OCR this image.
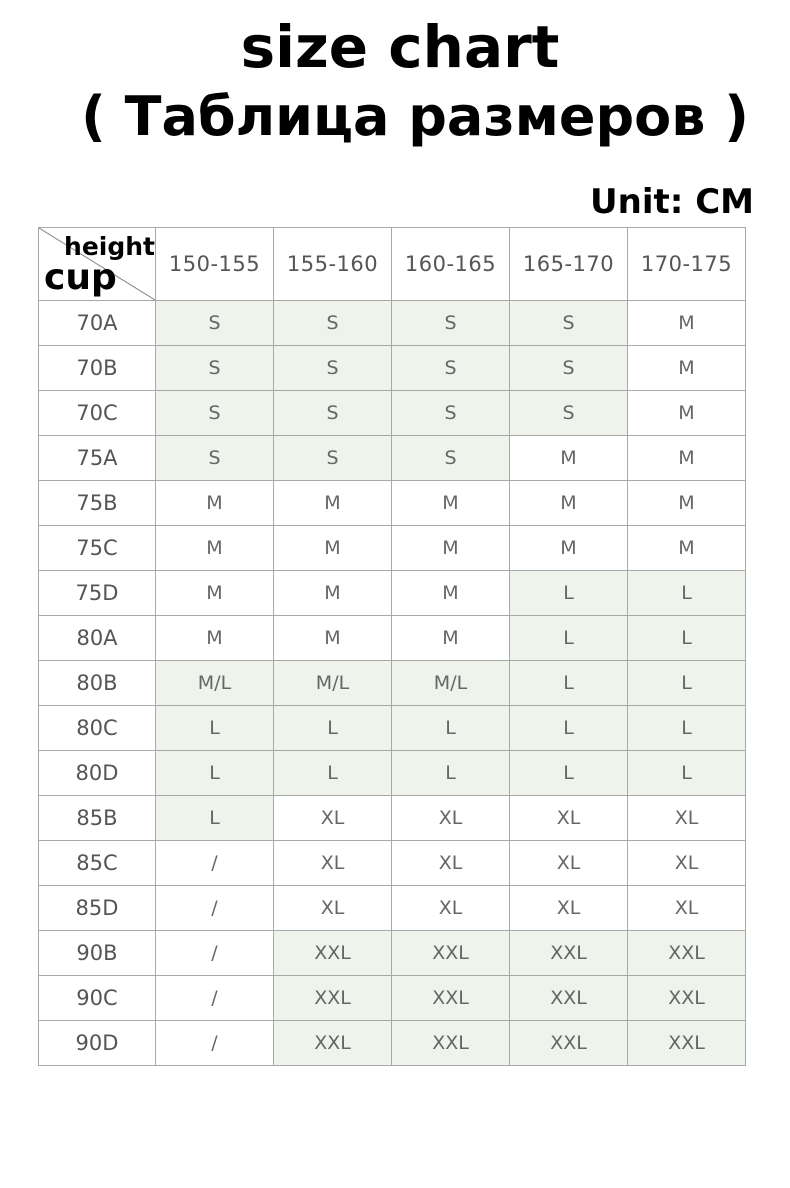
size chart
( Таблица размеров )
Unit: CM
height
cup	150-155	155-160	160-165	165-170	170-175
70A	S	S	S	S	M
70B	S	S	S	S	M
70C	S	S	S	S	M
75A	S	S	S	M	M
75B	M	M	M	M	M
75C	M	M	M	M	M
75D	M	M	M	L	L
80A	M	M	M	L	L
80B	M/L	M/L	M/L	L	L
80C	L	L	L	L	L
80D	L	L	L	L	L
85B	L	XL	XL	XL	XL
85C	/	XL	XL	XL	XL
85D	/	XL	XL	XL	XL
90B	/	XXL	XXL	XXL	XXL
90C	/	XXL	XXL	XXL	XXL
90D	/	XXL	XXL	XXL	XXL
